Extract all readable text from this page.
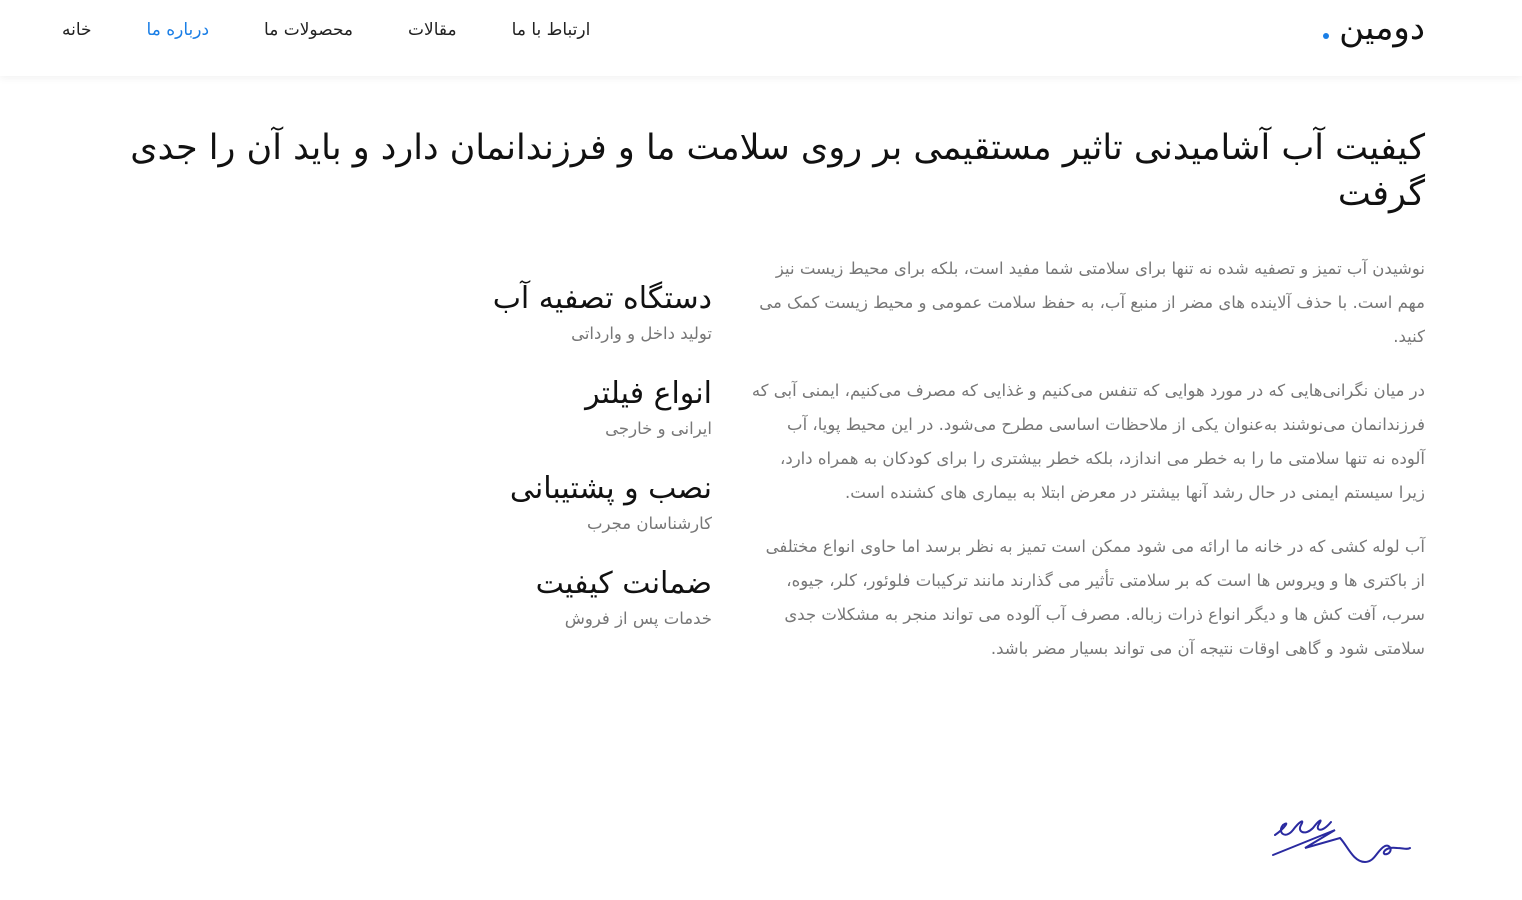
دومین
ارتباط با ما
مقالات
محصولات ما
درباره ما
خانه
کیفیت آب آشامیدنی تاثیر مستقیمی بر روی سلامت ما و فرزندانمان دارد و باید آن را جدی گرفت

نوشیدن آب تمیز و تصفیه شده نه تنها برای سلامتی شما مفید است، بلکه برای محیط زیست نیز مهم است. با حذف آلاینده های مضر از منبع آب، به حفظ سلامت عمومی و محیط زیست کمک می کنید.

در میان نگرانی‌هایی که در مورد هوایی که تنفس می‌کنیم و غذایی که مصرف می‌کنیم، ایمنی آبی که فرزندانمان می‌نوشند به‌عنوان یکی از ملاحظات اساسی مطرح می‌شود. در این محیط پویا، آب آلوده نه تنها سلامتی ما را به خطر می اندازد، بلکه خطر بیشتری را برای کودکان به همراه دارد، زیرا سیستم ایمنی در حال رشد آنها بیشتر در معرض ابتلا به بیماری های کشنده است.

آب لوله کشی که در خانه ما ارائه می شود ممکن است تمیز به نظر برسد اما حاوی انواع مختلفی از باکتری ها و ویروس ها است که بر سلامتی تأثیر می گذارند مانند ترکیبات فلوئور، کلر، جیوه، سرب، آفت کش ها و دیگر انواع ذرات زباله. مصرف آب آلوده می تواند منجر به مشکلات جدی سلامتی شود و گاهی اوقات نتیجه آن می تواند بسیار مضر باشد.

دستگاه تصفیه آب
تولید داخل و وارداتی
انواع فیلتر
ایرانی و خارجی
نصب و پشتیبانی
کارشناسان مجرب
ضمانت کیفیت
خدمات پس از فروش
